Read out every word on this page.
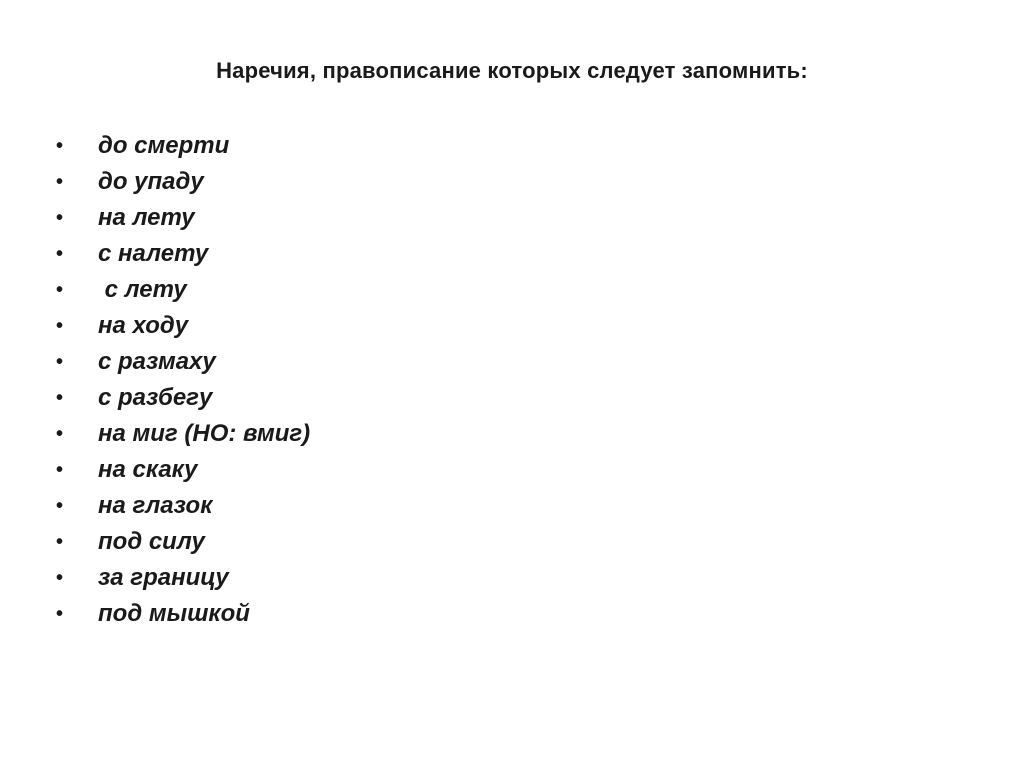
Наречия, правописание которых следует запомнить:
•	до смерти
•	до упаду
•	на лету
•	с налету
•	с лету
•	на ходу
•	с размаху
•	с разбегу
•	на миг (НО: вмиг)
•	на скаку
•	на глазок
•	под силу
•	за границу
•	под мышкой
